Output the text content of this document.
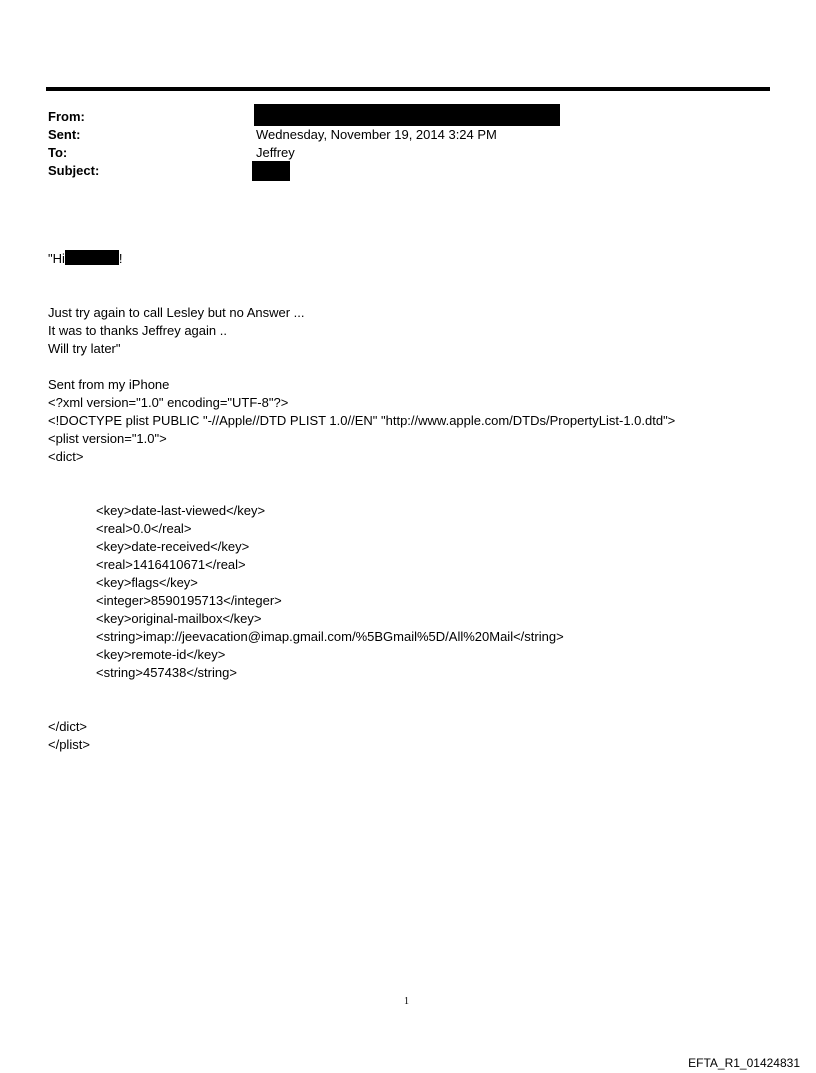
From:
Sent:	Wednesday, November 19, 2014 3:24 PM
To:	Jeffrey
Subject:

"Hi	!

Just try again to call Lesley but no Answer ...
It was to thanks Jeffrey again ..
Will try later"
Sent from my iPhone
<?xml version="1.0" encoding="UTF-8"?>
<!DOCTYPE plist PUBLIC "-//Apple//DTD PLIST 1.0//EN" "http://www.apple.com/DTDs/PropertyList-1.0.dtd">
<plist version="1.0">
<dict>

<key>date-last-viewed</key>
<real>0.0</real>
<key>date-received</key>
<real>1416410671</real>
<key>flags</key>
<integer>8590195713</integer>
<key>original-mailbox</key>
<string>imap://jeevacation@imap.gmail.com/%5BGmail%5D/All%20Mail</string>
<key>remote-id</key>
<string>457438</string>

</dict>
</plist>

1
EFTA_R1_01424831
